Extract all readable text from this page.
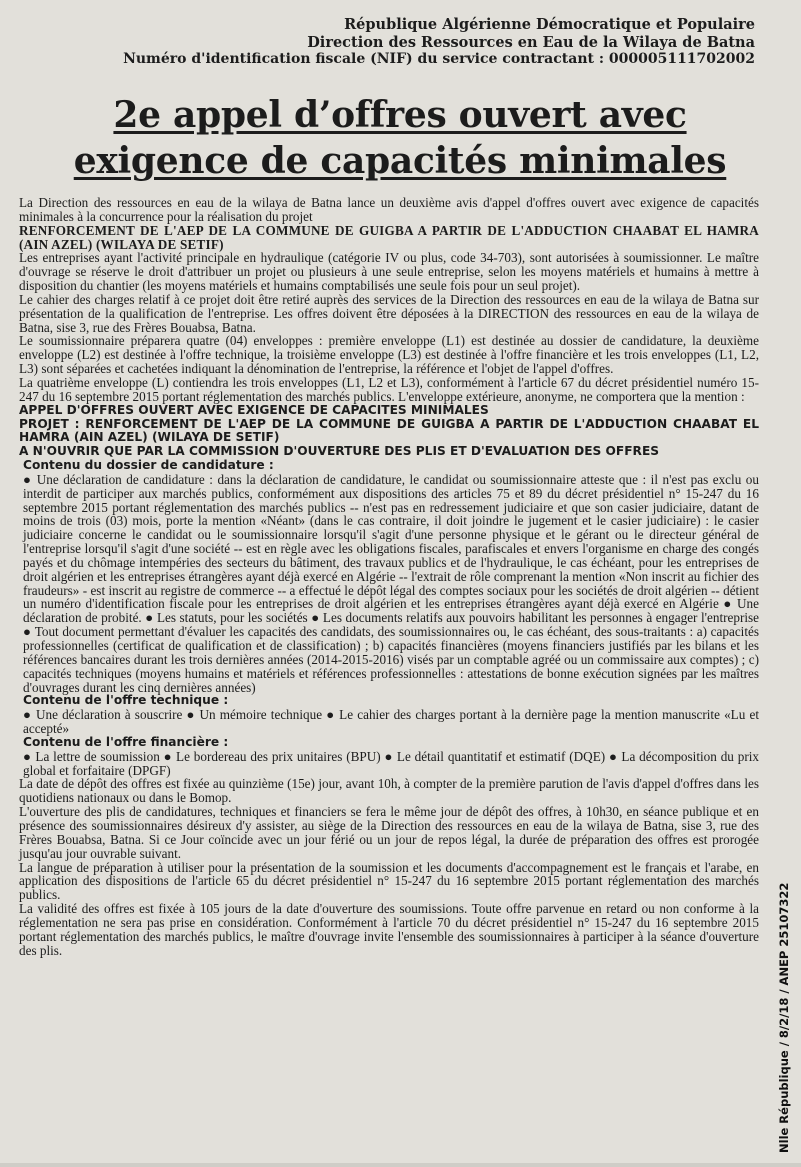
République Algérienne Démocratique et Populaire
Direction des Ressources en Eau de la Wilaya de Batna
Numéro d'identification fiscale (NIF) du service contractant : 000005111702002
2e appel d’offres ouvert avec
exigence de capacités minimales

La Direction des ressources en eau de la wilaya de Batna lance un deuxième avis d'appel d'offres ouvert avec exigence de capacités minimales à la concurrence pour la réalisation du projet

RENFORCEMENT DE L'AEP DE LA COMMUNE DE GUIGBA A PARTIR DE L'ADDUCTION CHAABAT EL HAMRA (AIN AZEL) (WILAYA DE SETIF)

Les entreprises ayant l'activité principale en hydraulique (catégorie IV ou plus, code 34-703), sont autorisées à soumissionner. Le maître d'ouvrage se réserve le droit d'attribuer un projet ou plusieurs à une seule entreprise, selon les moyens matériels et humains à mettre à disposition du chantier (les moyens matériels et humains comptabilisés une seule fois pour un seul projet).

Le cahier des charges relatif à ce projet doit être retiré auprès des services de la Direction des ressources en eau de la wilaya de Batna sur présentation de la qualification de l'entreprise. Les offres doivent être déposées à la DIRECTION des ressources en eau de la wilaya de Batna, sise 3, rue des Frères Bouabsa, Batna.

Le soumissionnaire préparera quatre (04) enveloppes : première enveloppe (L1) est destinée au dossier de candidature, la deuxième enveloppe (L2) est destinée à l'offre technique, la troisième enveloppe (L3) est destinée à l'offre financière et les trois enveloppes (L1, L2, L3) sont séparées et cachetées indiquant la dénomination de l'entreprise, la référence et l'objet de l'appel d'offres.

La quatrième enveloppe (L) contiendra les trois enveloppes (L1, L2 et L3), conformément à l'article 67 du décret présidentiel numéro 15-247 du 16 septembre 2015 portant réglementation des marchés publics. L'enveloppe extérieure, anonyme, ne comportera que la mention :

APPEL D'OFFRES OUVERT AVEC EXIGENCE DE CAPACITES MINIMALES

PROJET : RENFORCEMENT DE L'AEP DE LA COMMUNE DE GUIGBA A PARTIR DE L'ADDUCTION CHAABAT EL HAMRA (AIN AZEL) (WILAYA DE SETIF)

A N'OUVRIR QUE PAR LA COMMISSION D'OUVERTURE DES PLIS ET D'EVALUATION DES OFFRES

Contenu du dossier de candidature :

● Une déclaration de candidature : dans la déclaration de candidature, le candidat ou soumissionnaire atteste que : il n'est pas exclu ou interdit de participer aux marchés publics, conformément aux dispositions des articles 75 et 89 du décret présidentiel n° 15-247 du 16 septembre 2015 portant réglementation des marchés publics -- n'est pas en redressement judiciaire et que son casier judiciaire, datant de moins de trois (03) mois, porte la mention «Néant» (dans le cas contraire, il doit joindre le jugement et le casier judiciaire) : le casier judiciaire concerne le candidat ou le soumissionnaire lorsqu'il s'agit d'une personne physique et le gérant ou le directeur général de l'entreprise lorsqu'il s'agit d'une société -- est en règle avec les obligations fiscales, parafiscales et envers l'organisme en charge des congés payés et du chômage intempéries des secteurs du bâtiment, des travaux publics et de l'hydraulique, le cas échéant, pour les entreprises de droit algérien et les entreprises étrangères ayant déjà exercé en Algérie -- l'extrait de rôle comprenant la mention «Non inscrit au fichier des fraudeurs» - est inscrit au registre de commerce -- a effectué le dépôt légal des comptes sociaux pour les sociétés de droit algérien -- détient un numéro d'identification fiscale pour les entreprises de droit algérien et les entreprises étrangères ayant déjà exercé en Algérie ● Une déclaration de probité. ● Les statuts, pour les sociétés ● Les documents relatifs aux pouvoirs habilitant les personnes à engager l'entreprise ● Tout document permettant d'évaluer les capacités des candidats, des soumissionnaires ou, le cas échéant, des sous-traitants : a) capacités professionnelles (certificat de qualification et de classification) ; b) capacités financières (moyens financiers justifiés par les bilans et les références bancaires durant les trois dernières années (2014-2015-2016) visés par un comptable agréé ou un commissaire aux comptes) ; c) capacités techniques (moyens humains et matériels et références professionnelles : attestations de bonne exécution signées par les maîtres d'ouvrages durant les cinq dernières années)

Contenu de l'offre technique :

● Une déclaration à souscrire ● Un mémoire technique ● Le cahier des charges portant à la dernière page la mention manuscrite «Lu et accepté»

Contenu de l'offre financière :

● La lettre de soumission ● Le bordereau des prix unitaires (BPU) ● Le détail quantitatif et estimatif (DQE) ● La décomposition du prix global et forfaitaire (DPGF)

La date de dépôt des offres est fixée au quinzième (15e) jour, avant 10h, à compter de la première parution de l'avis d'appel d'offres dans les quotidiens nationaux ou dans le Bomop.

L'ouverture des plis de candidatures, techniques et financiers se fera le même jour de dépôt des offres, à 10h30, en séance publique et en présence des soumissionnaires désireux d'y assister, au siège de la Direction des ressources en eau de la wilaya de Batna, sise 3, rue des Frères Bouabsa, Batna. Si ce Jour coïncide avec un jour férié ou un jour de repos légal, la durée de préparation des offres est prorogée jusqu'au jour ouvrable suivant.

La langue de préparation à utiliser pour la présentation de la soumission et les documents d'accompagnement est le français et l'arabe, en application des dispositions de l'article 65 du décret présidentiel n° 15-247 du 16 septembre 2015 portant réglementation des marchés publics.

La validité des offres est fixée à 105 jours de la date d'ouverture des soumissions. Toute offre parvenue en retard ou non conforme à la réglementation ne sera pas prise en considération. Conformément à l'article 70 du décret présidentiel n° 15-247 du 16 septembre 2015 portant réglementation des marchés publics, le maître d'ouvrage invite l'ensemble des soumissionnaires à participer à la séance d'ouverture des plis.	Nlle République / 8/2/18 / ANEP 25107322
